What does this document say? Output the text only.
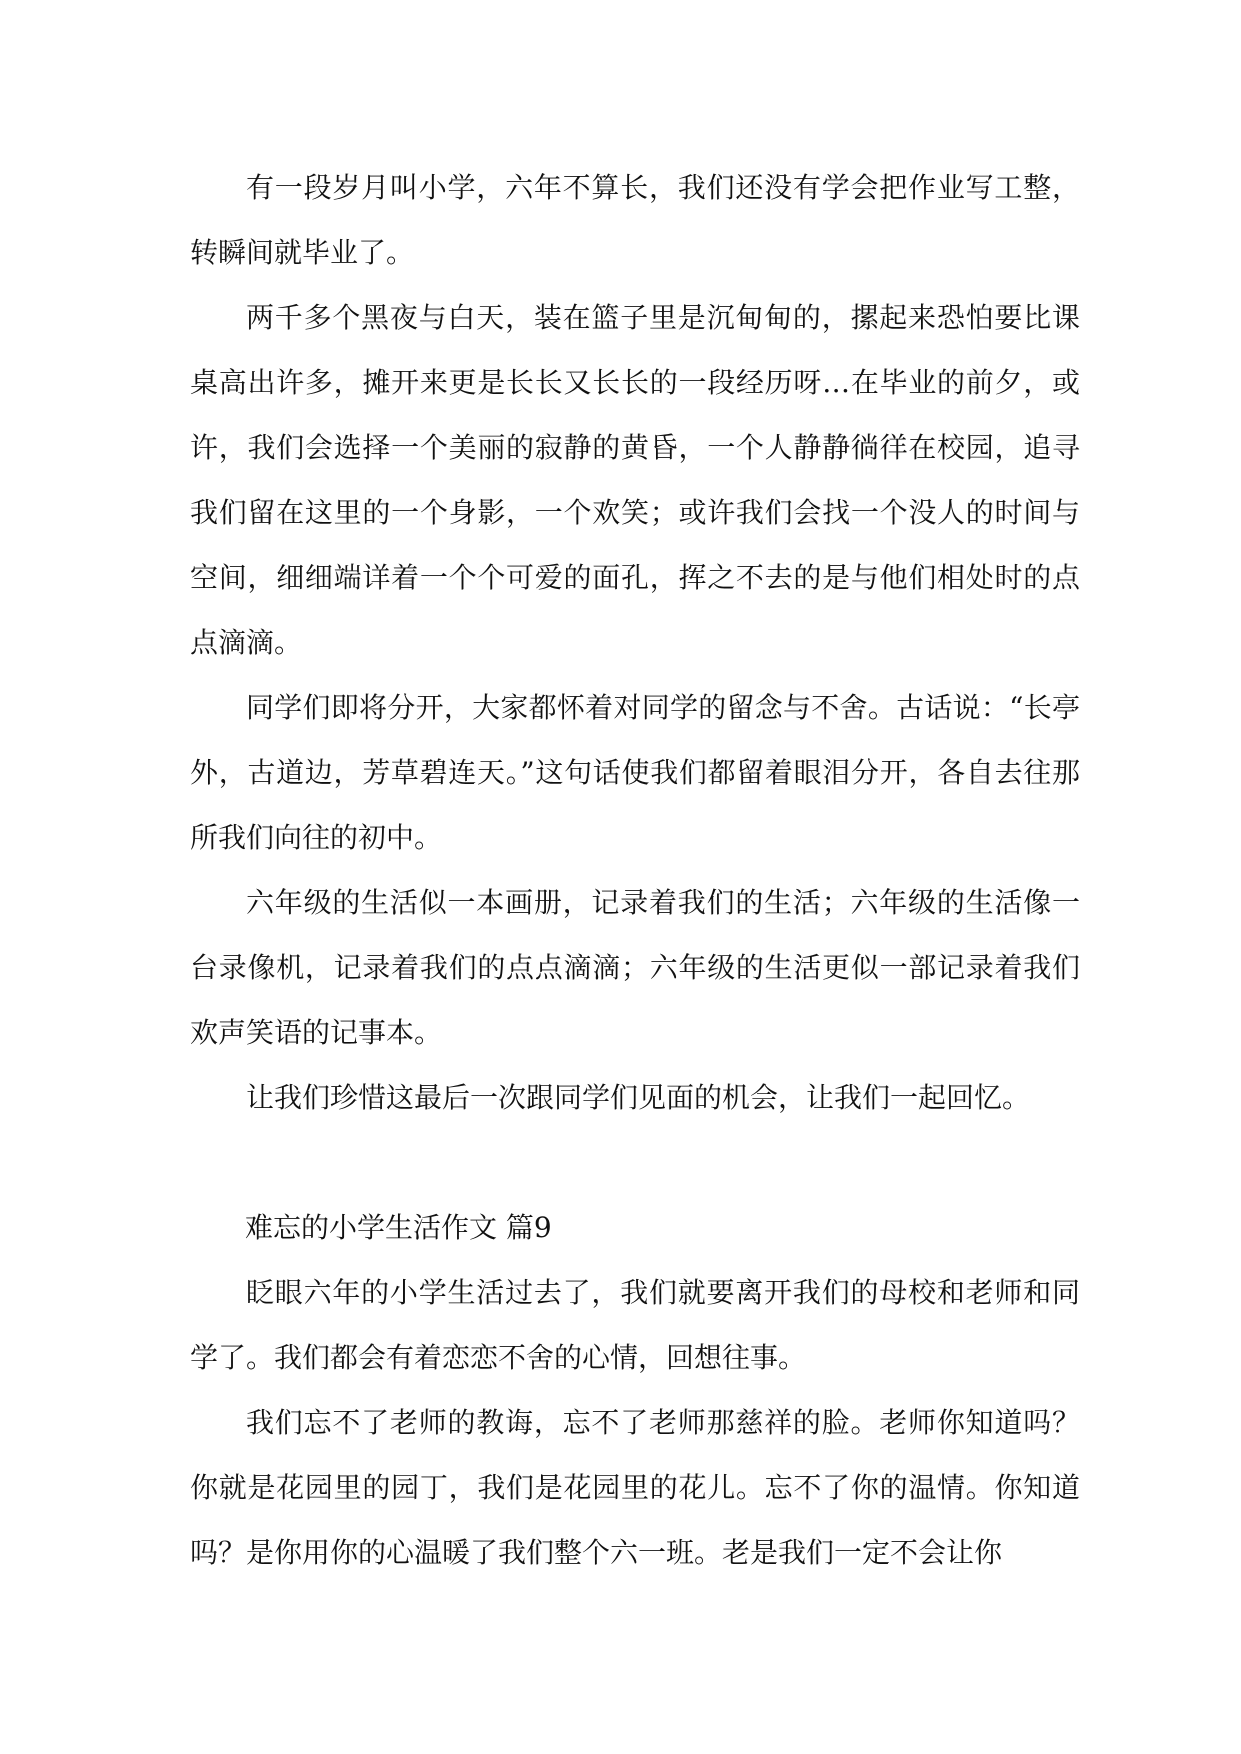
有一段岁月叫小学，六年不算长，我们还没有学会把作业写工整，转瞬间就毕业了。

两千多个黑夜与白天，装在篮子里是沉甸甸的，摞起来恐怕要比课桌高出许多，摊开来更是长长又长长的一段经历呀…在毕业的前夕，或许，我们会选择一个美丽的寂静的黄昏，一个人静静徜徉在校园，追寻我们留在这里的一个身影，一个欢笑；或许我们会找一个没人的时间与空间，细细端详着一个个可爱的面孔，挥之不去的是与他们相处时的点点滴滴。

同学们即将分开，大家都怀着对同学的留念与不舍。古话说：“长亭外，古道边，芳草碧连天。”这句话使我们都留着眼泪分开，各自去往那所我们向往的初中。

六年级的生活似一本画册，记录着我们的生活；六年级的生活像一台录像机，记录着我们的点点滴滴；六年级的生活更似一部记录着我们欢声笑语的记事本。

让我们珍惜这最后一次跟同学们见面的机会，让我们一起回忆。

难忘的小学生活作文 篇9

眨眼六年的小学生活过去了，我们就要离开我们的母校和老师和同学了。我们都会有着恋恋不舍的心情，回想往事。

我们忘不了老师的教诲，忘不了老师那慈祥的脸。老师你知道吗？你就是花园里的园丁，我们是花园里的花儿。忘不了你的温情。你知道吗？是你用你的心温暖了我们整个六一班。老是我们一定不会让你
